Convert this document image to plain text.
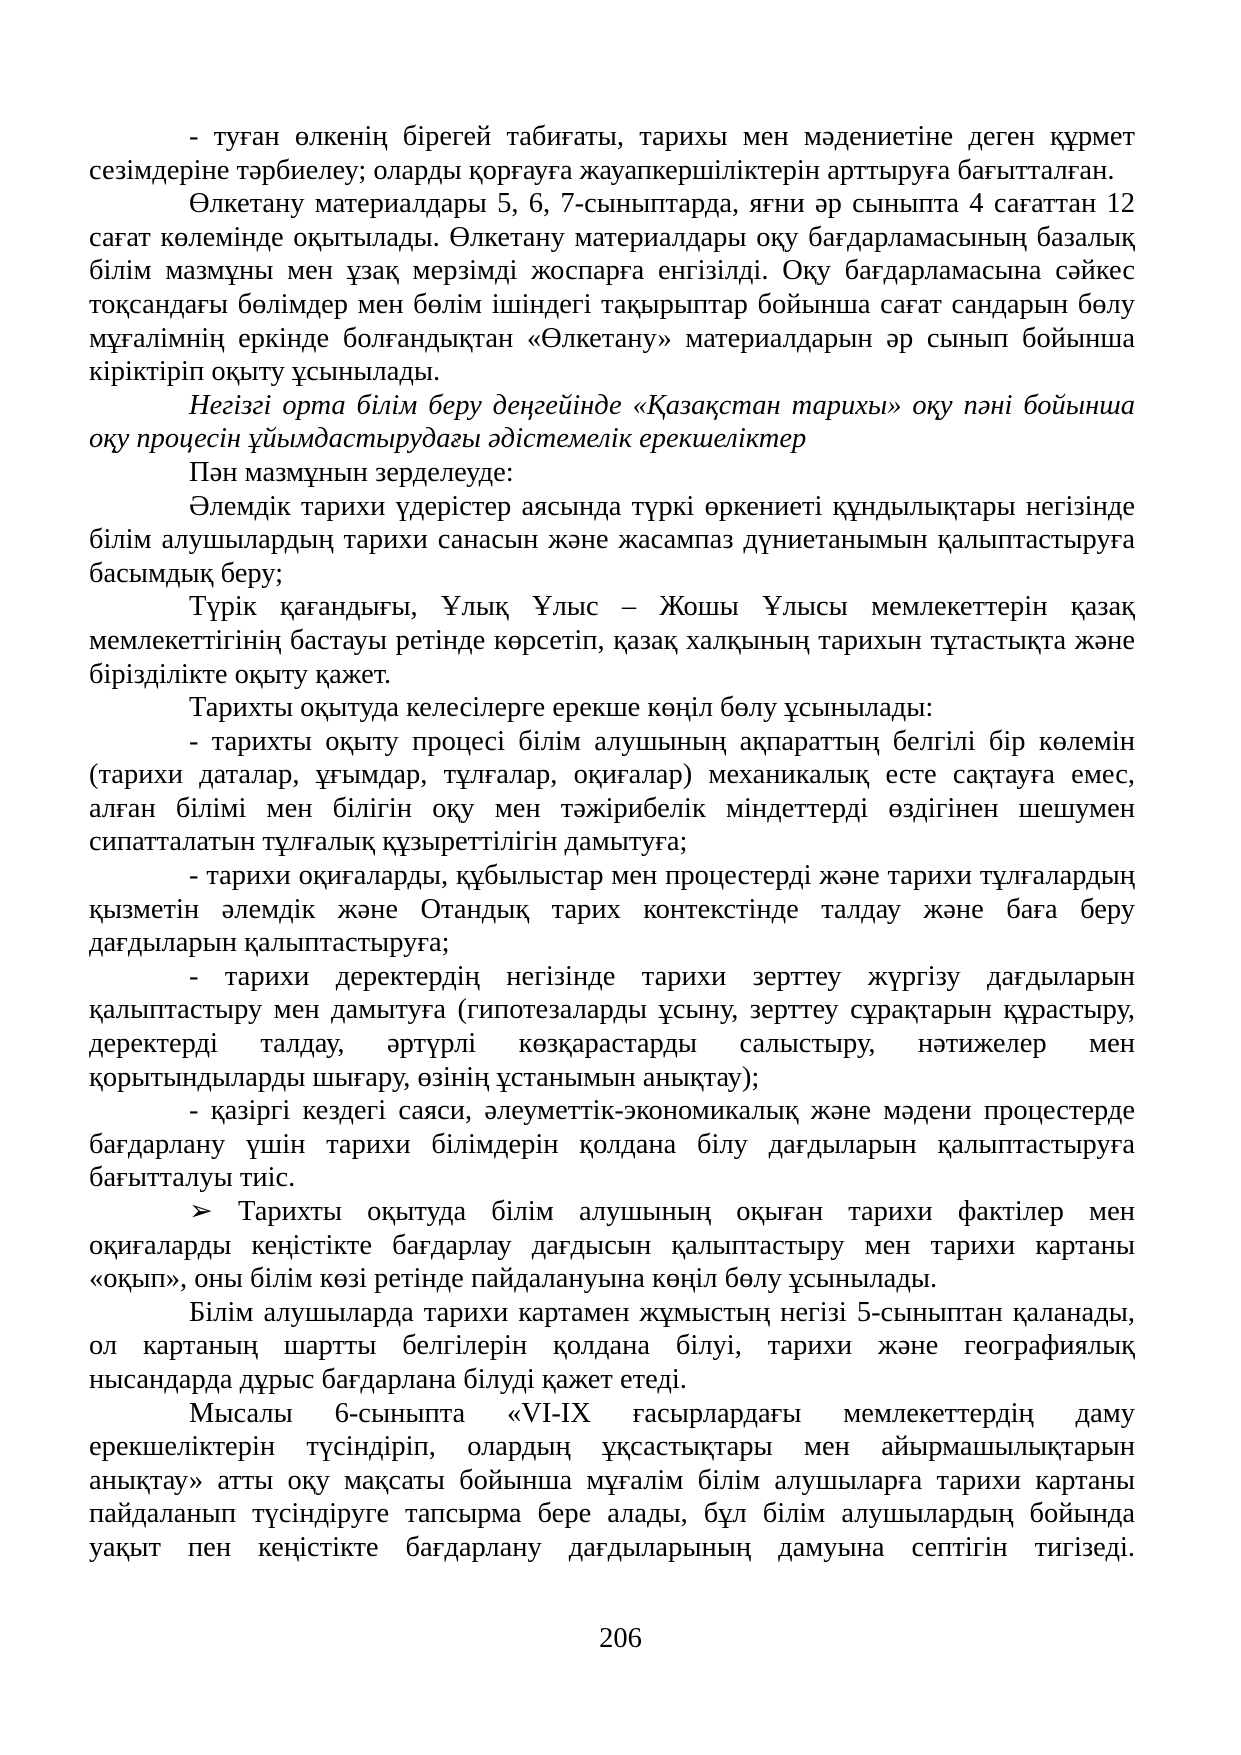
- туған өлкенің бірегей табиғаты, тарихы мен мәдениетіне деген құрмет сезімдеріне тәрбиелеу; оларды қорғауға жауапкершіліктерін арттыруға бағытталған.

Өлкетану материалдары 5, 6, 7-сыныптарда, яғни әр сыныпта 4 сағаттан 12 сағат көлемінде оқытылады. Өлкетану материалдары оқу бағдарламасының базалық білім мазмұны мен ұзақ мерзімді жоспарға енгізілді. Оқу бағдарламасына сәйкес тоқсандағы бөлімдер мен бөлім ішіндегі тақырыптар бойынша сағат сандарын бөлу мұғалімнің еркінде болғандықтан «Өлкетану» материалдарын әр сынып бойынша кіріктіріп оқыту ұсынылады.

Негізгі орта білім беру деңгейінде «Қазақстан тарихы» оқу пәні бойынша оқу процесін ұйымдастырудағы әдістемелік ерекшеліктер

Пән мазмұнын зерделеуде:

Әлемдік тарихи үдерістер аясында түркі өркениеті құндылықтары негізінде білім алушылардың тарихи санасын және жасампаз дүниетанымын қалыптастыруға басымдық беру;

Түрік қағандығы, Ұлық Ұлыс – Жошы Ұлысы мемлекеттерін қазақ мемлекеттігінің бастауы ретінде көрсетіп, қазақ халқының тарихын тұтастықта және бірізділікте оқыту қажет.

Тарихты оқытуда келесілерге ерекше көңіл бөлу ұсынылады:

- тарихты оқыту процесі білім алушының ақпараттың белгілі бір көлемін (тарихи даталар, ұғымдар, тұлғалар, оқиғалар) механикалық есте сақтауға емес, алған білімі мен білігін оқу мен тәжірибелік міндеттерді өздігінен шешумен сипатталатын тұлғалық құзыреттілігін дамытуға;

- тарихи оқиғаларды, құбылыстар мен процестерді және тарихи тұлғалардың қызметін әлемдік және Отандық тарих контекстінде талдау және баға беру дағдыларын қалыптастыруға;

- тарихи деректердің негізінде тарихи зерттеу жүргізу дағдыларын қалыптастыру мен дамытуға (гипотезаларды ұсыну, зерттеу сұрақтарын құрастыру, деректерді талдау, әртүрлі көзқарастарды салыстыру, нәтижелер мен қорытындыларды шығару, өзінің ұстанымын анықтау);

- қазіргі кездегі саяси, әлеуметтік-экономикалық және мәдени процестерде бағдарлану үшін тарихи білімдерін қолдана білу дағдыларын қалыптастыруға бағытталуы тиіс.

➢ Тарихты оқытуда білім алушының оқыған тарихи фактілер мен оқиғаларды кеңістікте бағдарлау дағдысын қалыптастыру мен тарихи картаны «оқып», оны білім көзі ретінде пайдалануына көңіл бөлу ұсынылады.

Білім алушыларда тарихи картамен жұмыстың негізі 5-сыныптан қаланады, ол картаның шартты белгілерін қолдана білуі, тарихи және географиялық нысандарда дұрыс бағдарлана білуді қажет етеді.

Мысалы 6-сыныпта «VI-IX ғасырлардағы мемлекеттердің даму ерекшеліктерін түсіндіріп, олардың ұқсастықтары мен айырмашылықтарын анықтау» атты оқу мақсаты бойынша мұғалім білім алушыларға тарихи картаны пайдаланып түсіндіруге тапсырма бере алады, бұл білім алушылардың бойында уақыт пен кеңістікте бағдарлану дағдыларының дамуына септігін тигізеді.

206
